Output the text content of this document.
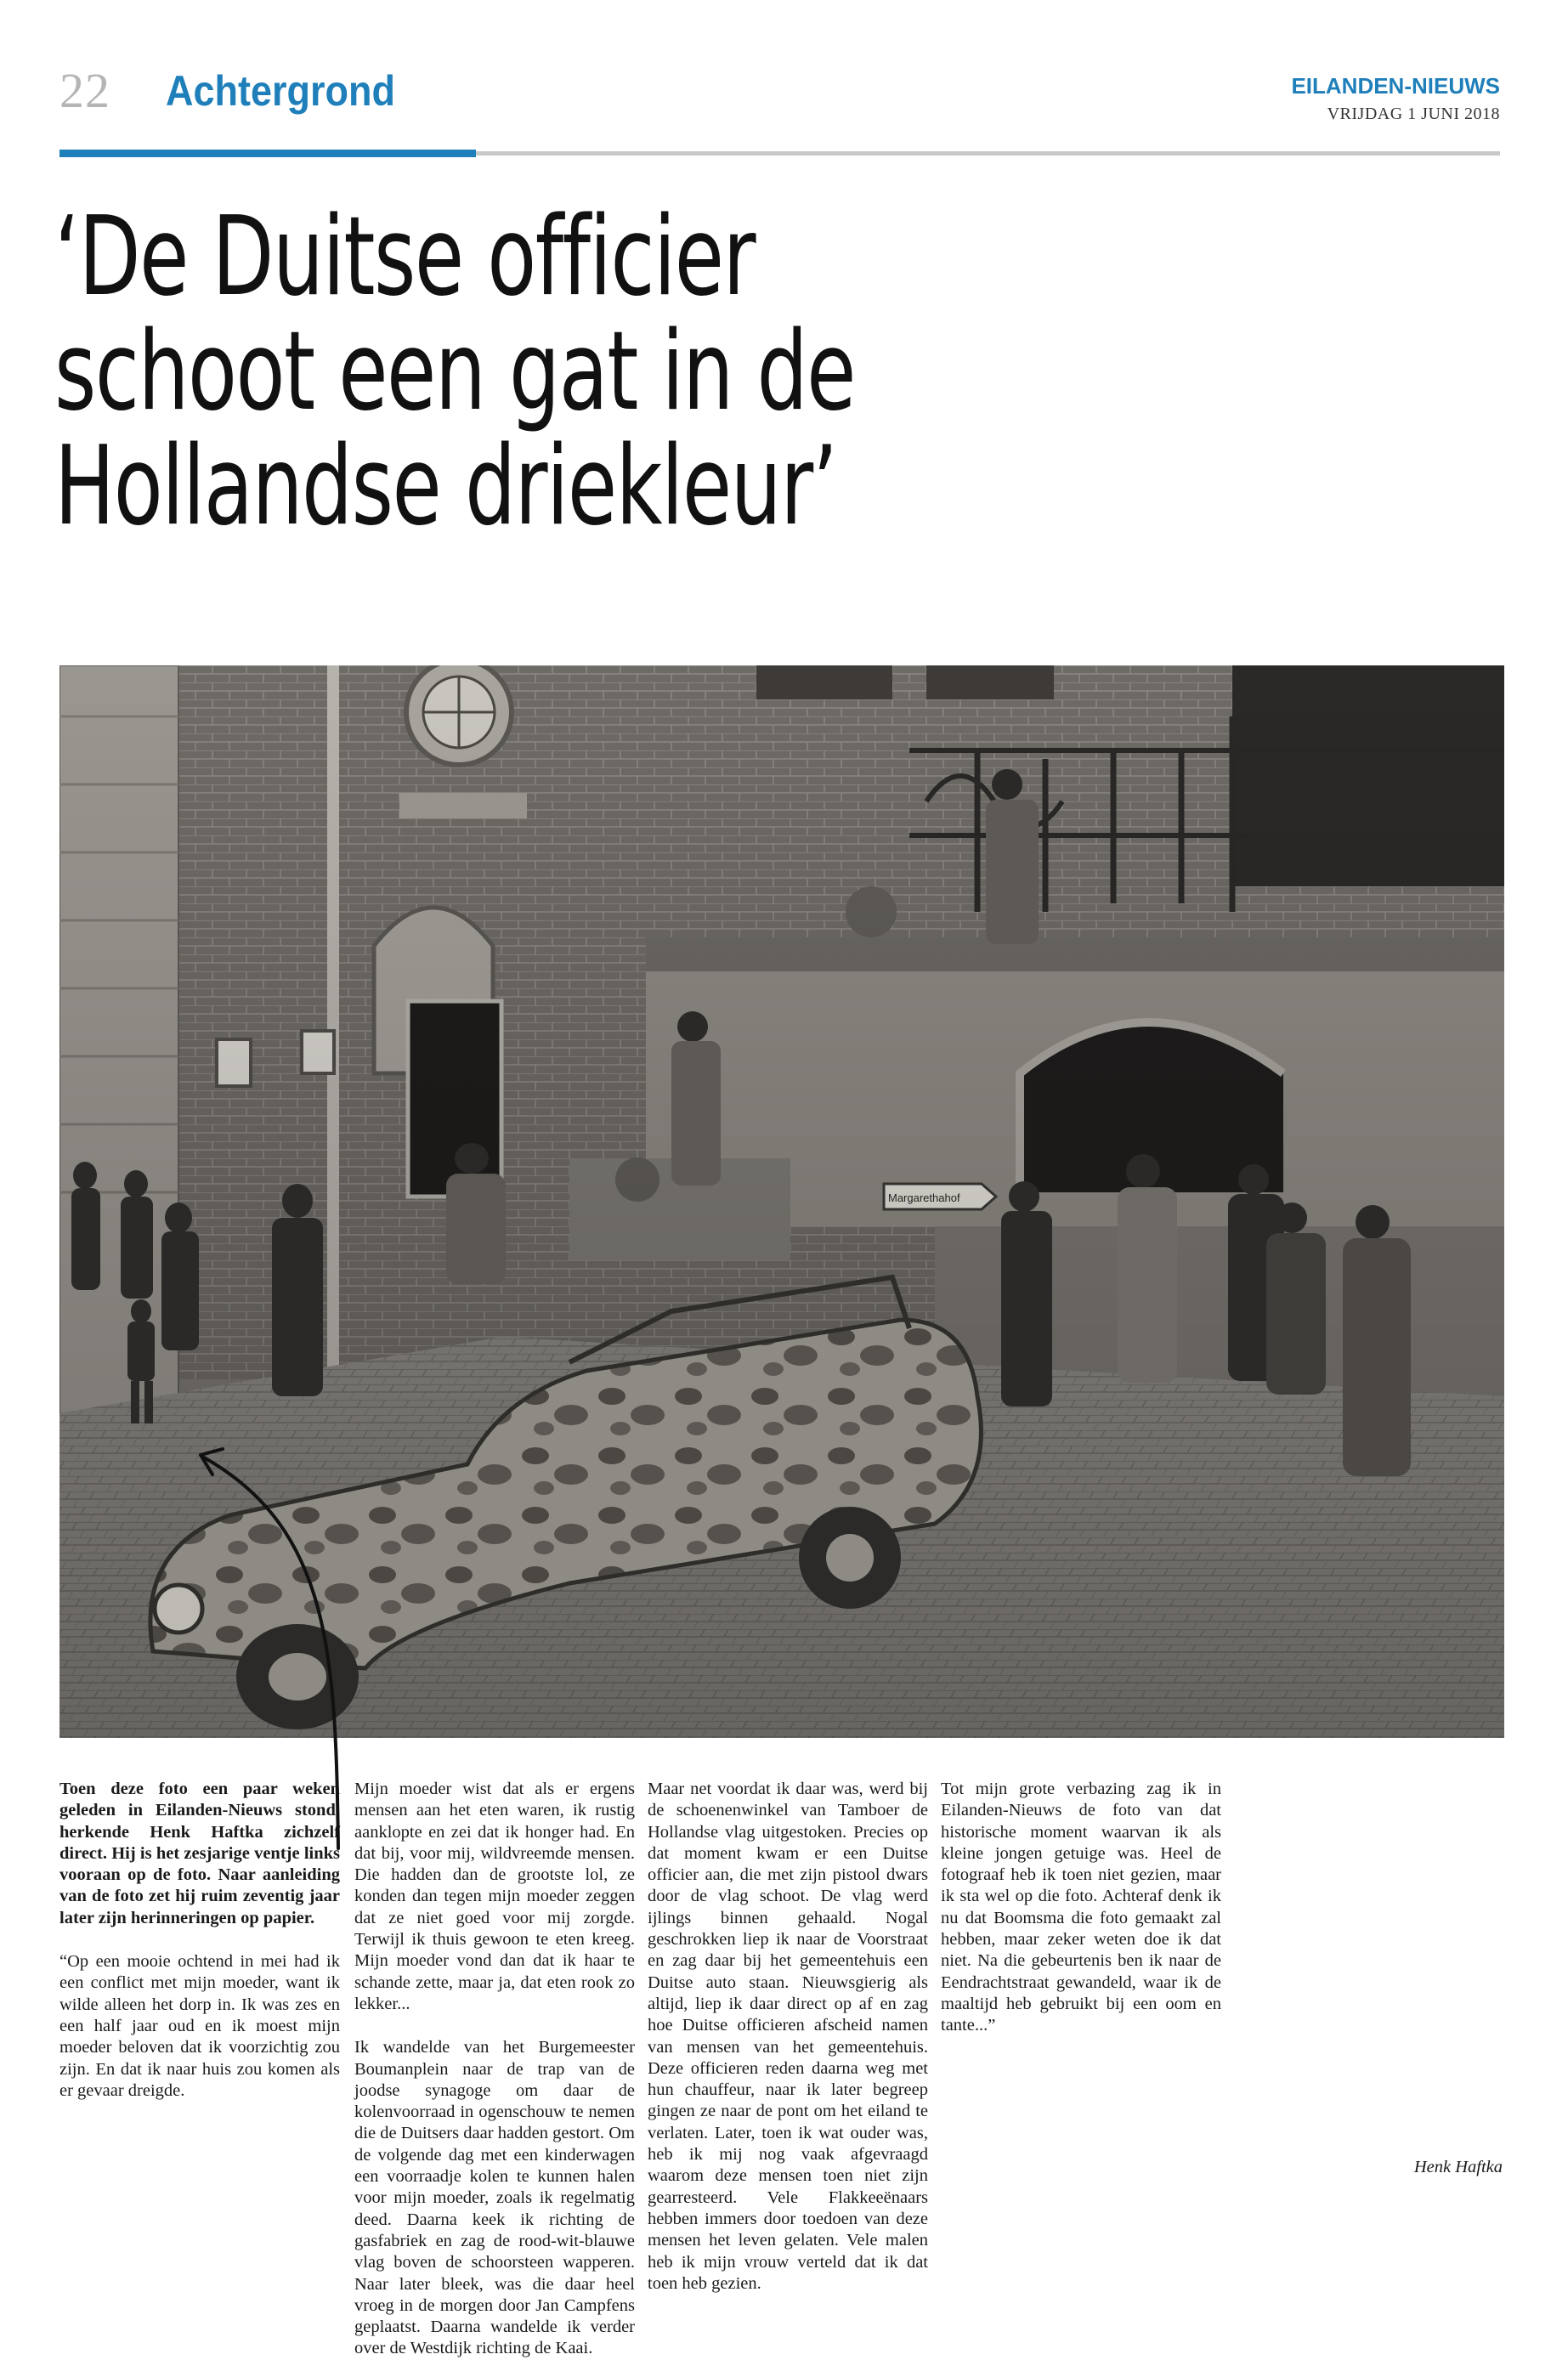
22 Achtergrond	EILANDEN-NIEUWS
VRIJDAG 1 JUNI 2018
‘De Duitse officier
schoot een gat in de
Hollandse driekleur’

Toen deze foto een paar weken geleden in Eilanden-Nieuws stond, herkende Henk Haftka zichzelf direct. Hij is het zesjarige ventje links vooraan op de foto. Naar aanleiding van de foto zet hij ruim zeventig jaar later zijn herinneringen op papier.

“Op een mooie ochtend in mei had ik een conflict met mijn moeder, want ik wilde alleen het dorp in. Ik was zes en een half jaar oud en ik moest mijn moeder beloven dat ik voorzichtig zou zijn. En dat ik naar huis zou komen als er gevaar dreigde.

Mijn moeder wist dat als er ergens mensen aan het eten waren, ik rustig aanklopte en zei dat ik honger had. En dat bij, voor mij, wildvreemde mensen. Die hadden dan de grootste lol, ze konden dan tegen mijn moeder zeggen dat ze niet goed voor mij zorgde. Terwijl ik thuis gewoon te eten kreeg. Mijn moeder vond dan dat ik haar te schande zette, maar ja, dat eten rook zo lekker...

Ik wandelde van het Burgemeester Boumanplein naar de trap van de joodse synagoge om daar de kolenvoorraad in ogenschouw te nemen die de Duitsers daar hadden gestort. Om de volgende dag met een kinderwagen een voorraadje kolen te kunnen halen voor mijn moeder, zoals ik regelmatig deed. Daarna keek ik richting de gasfabriek en zag de rood-wit-blauwe vlag boven de schoorsteen wapperen. Naar later bleek, was die daar heel vroeg in de morgen door Jan Campfens geplaatst. Daarna wandelde ik verder over de Westdijk richting de Kaai.

Maar net voordat ik daar was, werd bij de schoenenwinkel van Tamboer de Hollandse vlag uitgestoken. Precies op dat moment kwam er een Duitse officier aan, die met zijn pistool dwars door de vlag schoot. De vlag werd ijlings binnen gehaald. Nogal geschrokken liep ik naar de Voorstraat en zag daar bij het gemeentehuis een Duitse auto staan. Nieuwsgierig als altijd, liep ik daar direct op af en zag hoe Duitse officieren afscheid namen van mensen van het gemeentehuis. Deze officieren reden daarna weg met hun chauffeur, naar ik later begreep gingen ze naar de pont om het eiland te verlaten. Later, toen ik wat ouder was, heb ik mij nog vaak afgevraagd waarom deze mensen toen niet zijn gearresteerd. Vele Flakkeeënaars hebben immers door toedoen van deze mensen het leven gelaten. Vele malen heb ik mijn vrouw verteld dat ik dat toen heb gezien.

Tot mijn grote verbazing zag ik in Eilanden-Nieuws de foto van dat historische moment waarvan ik als kleine jongen getuige was. Heel de fotograaf heb ik toen niet gezien, maar ik sta wel op die foto. Achteraf denk ik nu dat Boomsma die foto gemaakt zal hebben, maar zeker weten doe ik dat niet. Na die gebeurtenis ben ik naar de Eendrachtstraat gewandeld, waar ik de maaltijd heb gebruikt bij een oom en tante...”

Henk Haftka
